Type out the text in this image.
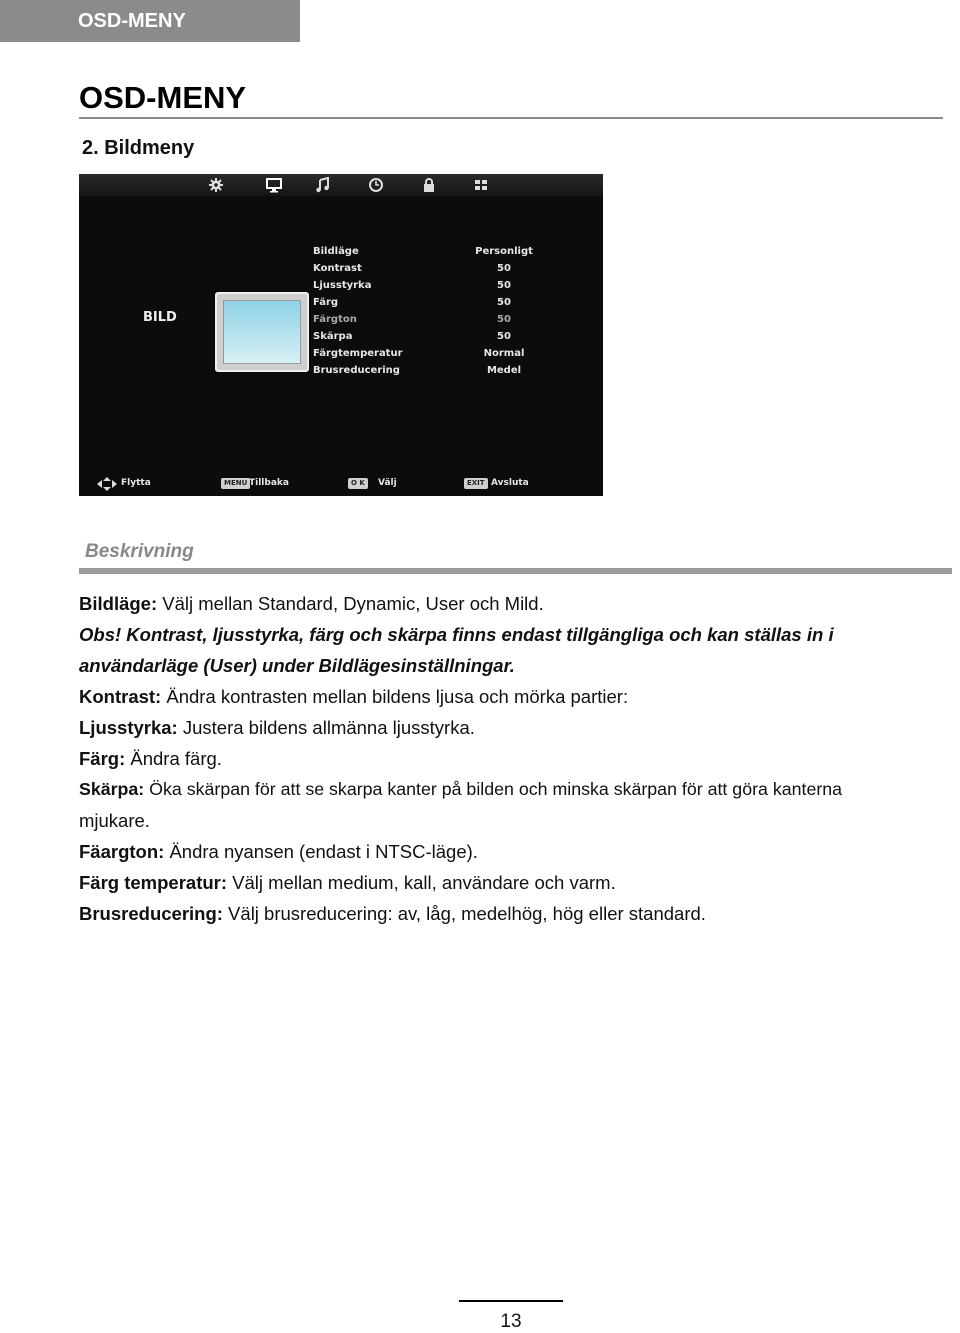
OSD-MENY
OSD-MENY
2. Bildmeny
BILD
Bildläge	Personligt
Kontrast	50
Ljusstyrka	50
Färg	50
Färgton	50
Skärpa	50
Färgtemperatur	Normal
Brusreducering	Medel
Flytta	MENU Tillbaka	O K	Välj	EXIT Avsluta
Beskrivning

Bildläge: Välj mellan Standard, Dynamic, User och Mild.

Obs! Kontrast, ljusstyrka, färg och skärpa finns endast tillgängliga och kan ställas in i

användarläge (User) under Bildlägesinställningar.

Kontrast: Ändra kontrasten mellan bildens ljusa och mörka partier:

Ljusstyrka: Justera bildens allmänna ljusstyrka.

Färg: Ändra färg.

Skärpa: Öka skärpan för att se skarpa kanter på bilden och minska skärpan för att göra kanterna

mjukare.

Fäargton: Ändra nyansen (endast i NTSC-läge).

Färg temperatur: Välj mellan medium, kall, användare och varm.

Brusreducering: Välj brusreducering: av, låg, medelhög, hög eller standard.

13
